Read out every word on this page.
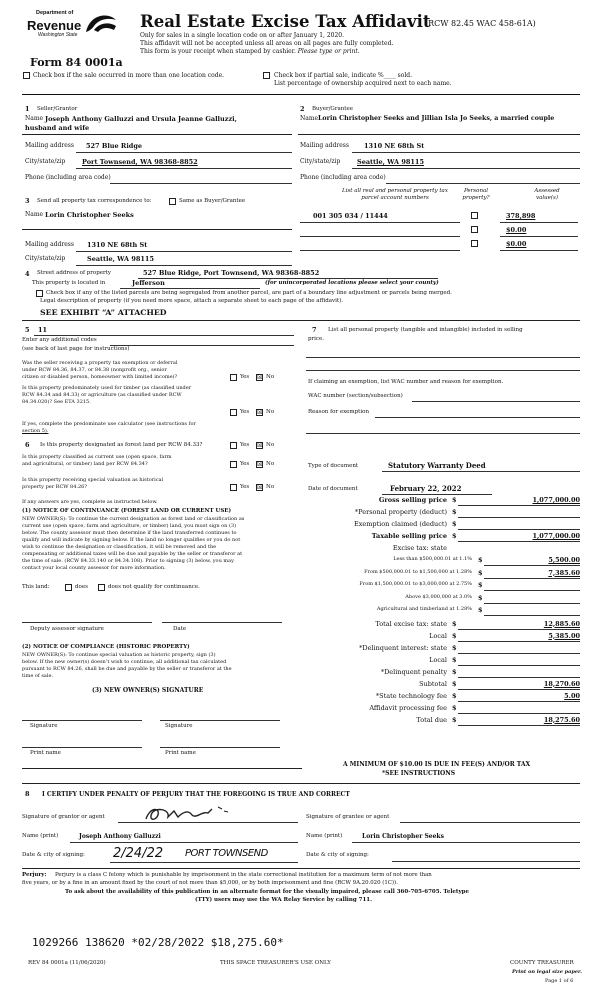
Department of
Revenue
Washington State
Real Estate Excise Tax Affidavit
(RCW 82.45 WAC 458-61A)
Only for sales in a single location code on or after January 1, 2020.
This affidavit will not be accepted unless all areas on all pages are fully completed.
This form is your receipt when stamped by cashier. Please type or print.
Form 84 0001a
Check box if the sale occurred in more than one location code.	Check box if partial sale, indicate %____ sold.
List percentage of ownership acquired next to each name.
1 Seller/Grantor
Name Joseph Anthony Galluzzi and Ursula Jeanne Galluzzi,
husband and wife
Mailing address 527 Blue Ridge
City/state/zip	Port Townsend, WA 98368-8852
Phone (including area code)
2 Buyer/Grantee
Name Lorin Christopher Seeks and Jillian Isla Jo Seeks, a married couple
Mailing address 1310 NE 68th St
City/state/zip	Seattle, WA 98115
Phone (including area code)
3 Send all property tax correspondence to:	Same as Buyer/Grantee
Name Lorin Christopher Seeks
Mailing address 1310 NE 68th St
City/state/zip	Seattle, WA 98115
List all real and personal property tax
parcel account numbers
Personal
property?
Assessed
value(s)
001 305 034 / 11444	378,898
$0.00
$0.00
4 Street address of property	527 Blue Ridge, Port Townsend, WA 98368-8852
This property is located in	Jefferson	(for unincorporated locations please select your county)
Check box if any of the listed parcels are being segregated from another parcel, are part of a boundary line adjustment or parcels being merged.
Legal description of property (if you need more space, attach a separate sheet to each page of the affidavit).
SEE EXHIBIT “A” ATTACHED
5 11
Enter any additional codes
(see back of last page for instructions)
Was the seller receiving a property tax exemption or deferral
under RCW 84.36, 84.37, or 84.38 (nonprofit org., senior
citizen or disabled person, homeowner with limited income)?	Yes ☒ No
Is this property predominately used for timber (as classified under
RCW 84.34 and 84.33) or agriculture (as classified under RCW
84.34.020)? See ETA 3215.
Yes ☒ No
If yes, complete the predominate use calculator (see instructions for
section 5).
6 Is this property designated as forest land per RCW 84.33?	Yes ☒ No
Is this property classified as current use (open space, farm
and agricultural, or timber) land per RCW 84.34?	Yes ☒ No
Is this property receiving special valuation as historical
property per RCW 84.26?	Yes ☒ No
If any answers are yes, complete as instructed below.
(1) NOTICE OF CONTINUANCE (FOREST LAND OR CURRENT USE)
NEW OWNER(S): To continue the current designation as forest land or classification as
current use (open space, farm and agriculture, or timber) land, you must sign on (3)
below. The county assessor must then determine if the land transferred continues to
qualify and will indicate by signing below. If the land no longer qualifies or you do not
wish to continue the designation or classification, it will be removed and the
compensating or additional taxes will be due and payable by the seller or transferor at
the time of sale. (RCW 84.33.140 or 84.34.108). Prior to signing (3) below, you may
contact your local county assessor for more information.
This land:	does	does not qualify for continuance.
Deputy assessor signature	Date
(2) NOTICE OF COMPLIANCE (HISTORIC PROPERTY)
NEW OWNER(S): To continue special valuation as historic property, sign (3)
below. If the new owner(s) doesn’t wish to continue, all additional tax calculated
pursuant to RCW 84.26, shall be due and payable by the seller or transferor at the
time of sale.
(3) NEW OWNER(S) SIGNATURE
Signature	Signature
Print name	Print name
7 List all personal property (tangible and intangible) included in selling
price.
If claiming an exemption, list WAC number and reason for exemption.
WAC number (section/subsection)
Reason for exemption
Type of document	Statutory Warranty Deed
Date of document	February 22, 2022
Gross selling price $	1,077,000.00
*Personal property (deduct) $
Exemption claimed (deduct) $
Taxable selling price $	1,077,000.00
Excise tax: state
Less than $500,000.01 at 1.1% $	5,500.00
From $500,000.01 to $1,500,000 at 1.28% $	7,385.60
From $1,500,000.01 to $3,000,000 at 2.75% $
Above $3,000,000 at 3.0% $
Agricultural and timberland at 1.28% $
Total excise tax: state $	12,885.60
Local $	5,385.00
*Delinquent interest: state $
Local $
*Delinquent penalty $
Subtotal $	18,270.60
*State technology fee $	5.00
Affidavit processing fee $
Total due $	18,275.60
A MINIMUM OF $10.00 IS DUE IN FEE(S) AND/OR TAX
*SEE INSTRUCTIONS
8 I CERTIFY UNDER PENALTY OF PERJURY THAT THE FOREGOING IS TRUE AND CORRECT
Signature of grantor or agent	Signature of grantee or agent
Name (print)	Joseph Anthony Galluzzi	Name (print)	Lorin Christopher Seeks
Date & city of signing: 2/24/22 PORT TOWNSEND	Date & city of signing:
Perjury: Perjury is a class C felony which is punishable by imprisonment in the state correctional institution for a maximum term of not more than
five years, or by a fine in an amount fixed by the court of not more than $5,000, or by both imprisonment and fine (RCW 9A.20.020 (1C)).
To ask about the availability of this publication in an alternate format for the visually impaired, please call 360-705-6705. Teletype
(TTY) users may use the WA Relay Service by calling 711.
1029266 138620 *02/28/2022 $18,275.60*
REV 84 0001a (11/06/2020)	THIS SPACE TREASURER’S USE ONLY	COUNTY TREASURER
Print on legal size paper.
Page 1 of 6
